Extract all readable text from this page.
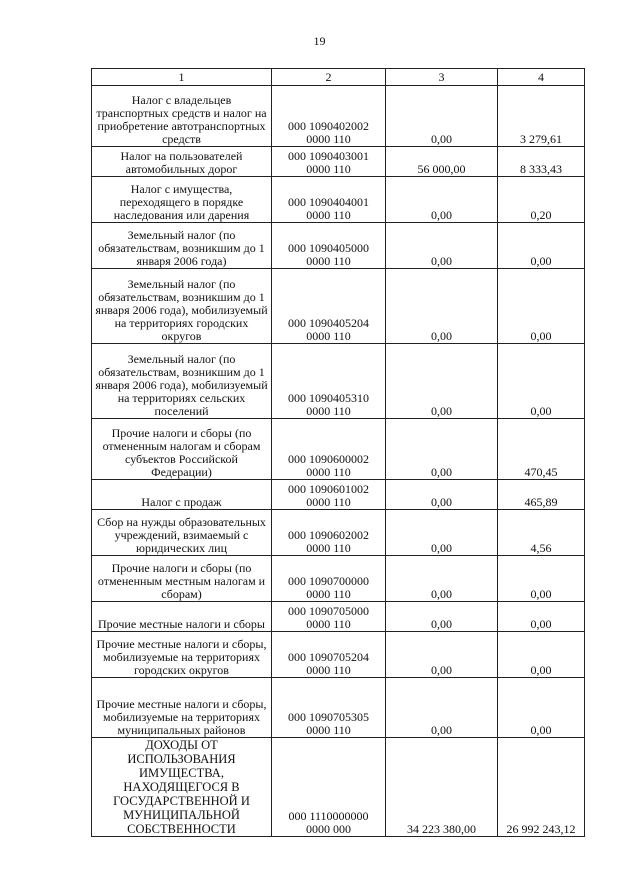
19
1	2	3	4
Налог с владельцев транспортных средств и налог на приобретение автотранспортных средств	000 1090402002 0000 110	0,00	3 279,61
Налог на пользователей автомобильных дорог	000 1090403001 0000 110	56 000,00	8 333,43
Налог с имущества, переходящего в порядке наследования или дарения	000 1090404001 0000 110	0,00	0,20
Земельный налог (по обязательствам, возникшим до 1 января 2006 года)	000 1090405000 0000 110	0,00	0,00
Земельный налог (по обязательствам, возникшим до 1 января 2006 года), мобилизуемый на территориях городских округов	000 1090405204 0000 110	0,00	0,00
Земельный налог (по обязательствам, возникшим до 1 января 2006 года), мобилизуемый на территориях сельских поселений	000 1090405310 0000 110	0,00	0,00
Прочие налоги и сборы (по отмененным налогам и сборам субъектов Российской Федерации)	000 1090600002 0000 110	0,00	470,45
Налог с продаж	000 1090601002 0000 110	0,00	465,89
Сбор на нужды образовательных учреждений, взимаемый с юридических лиц	000 1090602002 0000 110	0,00	4,56
Прочие налоги и сборы (по отмененным местным налогам и сборам)	000 1090700000 0000 110	0,00	0,00
Прочие местные налоги и сборы	000 1090705000 0000 110	0,00	0,00
Прочие местные налоги и сборы, мобилизуемые на территориях городских округов	000 1090705204 0000 110	0,00	0,00
Прочие местные налоги и сборы, мобилизуемые на территориях муниципальных районов	000 1090705305 0000 110	0,00	0,00
ДОХОДЫ ОТ ИСПОЛЬЗОВАНИЯ ИМУЩЕСТВА, НАХОДЯЩЕГОСЯ В ГОСУДАРСТВЕННОЙ И МУНИЦИПАЛЬНОЙ СОБСТВЕННОСТИ	000 1110000000 0000 000	34 223 380,00	26 992 243,12
